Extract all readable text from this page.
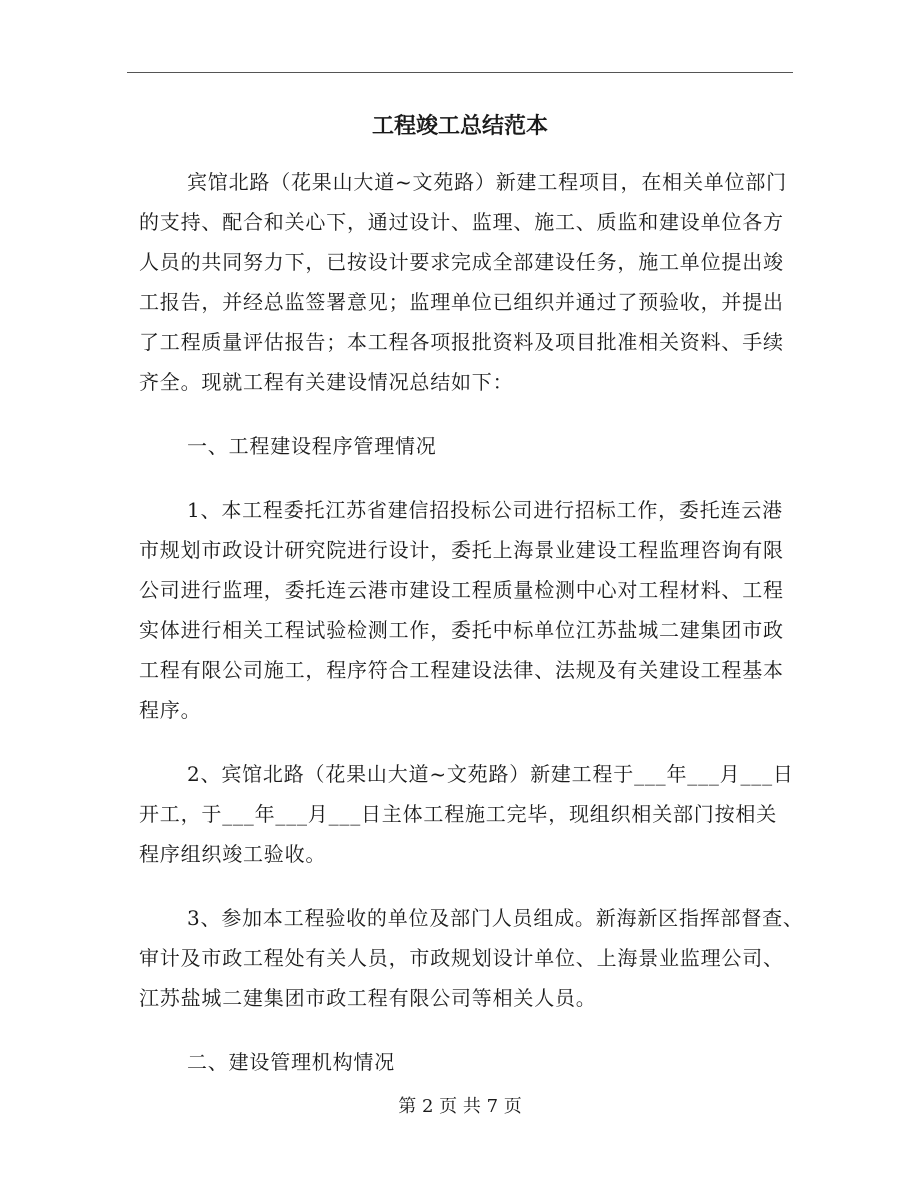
工程竣工总结范本
宾馆北路（花果山大道~文苑路）新建工程项目，在相关单位部门
的支持、配合和关心下，通过设计、监理、施工、质监和建设单位各方
人员的共同努力下，已按设计要求完成全部建设任务，施工单位提出竣
工报告，并经总监签署意见；监理单位已组织并通过了预验收，并提出
了工程质量评估报告；本工程各项报批资料及项目批准相关资料、手续
齐全。现就工程有关建设情况总结如下：
一、工程建设程序管理情况
1、本工程委托江苏省建信招投标公司进行招标工作，委托连云港
市规划市政设计研究院进行设计，委托上海景业建设工程监理咨询有限
公司进行监理，委托连云港市建设工程质量检测中心对工程材料、工程
实体进行相关工程试验检测工作，委托中标单位江苏盐城二建集团市政
工程有限公司施工，程序符合工程建设法律、法规及有关建设工程基本
程序。
2、宾馆北路（花果山大道~文苑路）新建工程于___年___月___日
开工，于___年___月___日主体工程施工完毕，现组织相关部门按相关
程序组织竣工验收。
3、参加本工程验收的单位及部门人员组成。新海新区指挥部督查、
审计及市政工程处有关人员，市政规划设计单位、上海景业监理公司、
江苏盐城二建集团市政工程有限公司等相关人员。
二、建设管理机构情况
第 2 页 共 7 页
